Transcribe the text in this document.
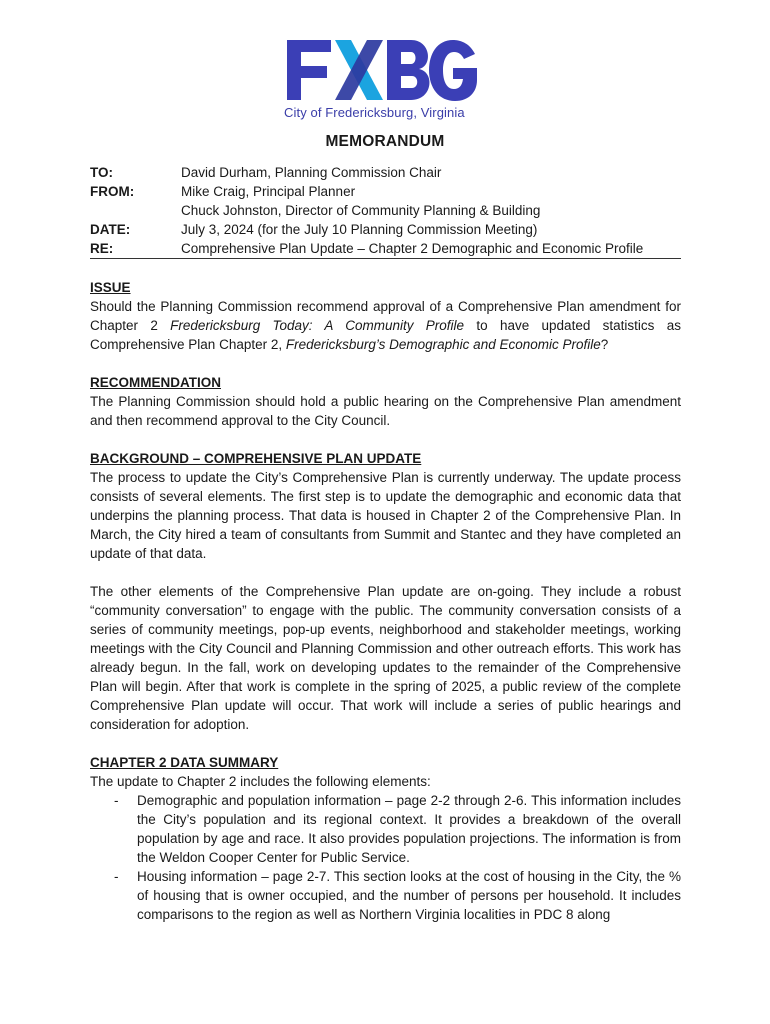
City of Fredericksburg, Virginia
MEMORANDUM
TO:	David Durham, Planning Commission Chair
FROM:	Mike Craig, Principal Planner
Chuck Johnston, Director of Community Planning & Building
DATE:	July 3, 2024 (for the July 10 Planning Commission Meeting)
RE:	Comprehensive Plan Update – Chapter 2 Demographic and Economic Profile
ISSUE

Should the Planning Commission recommend approval of a Comprehensive Plan amendment for Chapter 2 Fredericksburg Today: A Community Profile to have updated statistics as Comprehensive Plan Chapter 2, Fredericksburg’s Demographic and Economic Profile?

RECOMMENDATION

The Planning Commission should hold a public hearing on the Comprehensive Plan amendment and then recommend approval to the City Council.

BACKGROUND – COMPREHENSIVE PLAN UPDATE

The process to update the City’s Comprehensive Plan is currently underway. The update process consists of several elements. The first step is to update the demographic and economic data that underpins the planning process. That data is housed in Chapter 2 of the Comprehensive Plan. In March, the City hired a team of consultants from Summit and Stantec and they have completed an update of that data.

The other elements of the Comprehensive Plan update are on-going. They include a robust “community conversation” to engage with the public. The community conversation consists of a series of community meetings, pop-up events, neighborhood and stakeholder meetings, working meetings with the City Council and Planning Commission and other outreach efforts. This work has already begun. In the fall, work on developing updates to the remainder of the Comprehensive Plan will begin. After that work is complete in the spring of 2025, a public review of the complete Comprehensive Plan update will occur. That work will include a series of public hearings and consideration for adoption.

CHAPTER 2 DATA SUMMARY
The update to Chapter 2 includes the following elements:
- Demographic and population information – page 2-2 through 2-6. This information includes the City’s population and its regional context. It provides a breakdown of the overall population by age and race. It also provides population projections. The information is from the Weldon Cooper Center for Public Service.
- Housing information – page 2-7. This section looks at the cost of housing in the City, the % of housing that is owner occupied, and the number of persons per household. It includes comparisons to the region as well as Northern Virginia localities in PDC 8 along
